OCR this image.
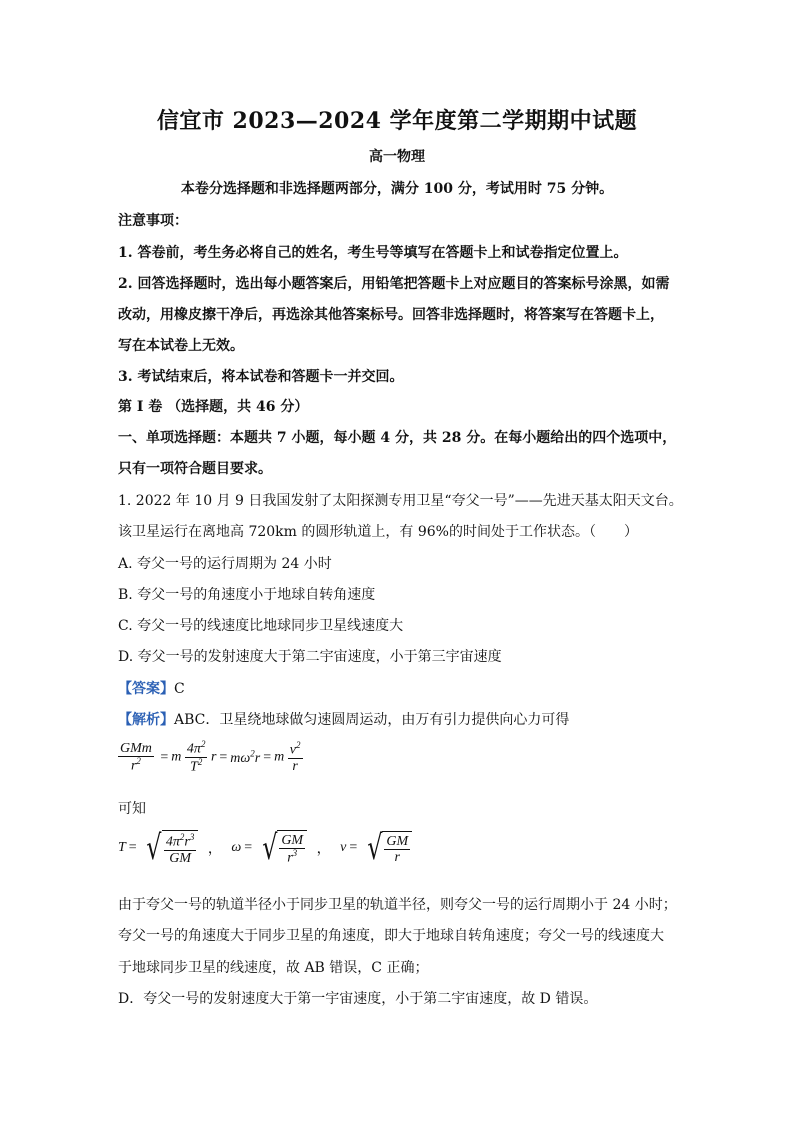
信宜市 2023—2024 学年度第二学期期中试题
高一物理
本卷分选择题和非选择题两部分，满分 100 分，考试用时 75 分钟。
注意事项：
1. 答卷前，考生务必将自己的姓名，考生号等填写在答题卡上和试卷指定位置上。
2. 回答选择题时，选出每小题答案后，用铅笔把答题卡上对应题目的答案标号涂黑，如需
改动，用橡皮擦干净后，再选涂其他答案标号。回答非选择题时，将答案写在答题卡上，
写在本试卷上无效。
3. 考试结束后，将本试卷和答题卡一并交回。
第 I 卷 （选择题，共 46 分）
一、单项选择题：本题共 7 小题，每小题 4 分，共 28 分。在每小题给出的四个选项中，
只有一项符合题目要求。
1. 2022 年 10 月 9 日我国发射了太阳探测专用卫星“夸父一号”——先进天基太阳天文台。
该卫星运行在离地高 720km 的圆形轨道上，有 96%的时间处于工作状态。（　　）
A. 夸父一号的运行周期为 24 小时
B. 夸父一号的角速度小于地球自转角速度
C. 夸父一号的线速度比地球同步卫星线速度大
D. 夸父一号的发射速度大于第二宇宙速度，小于第三宇宙速度
【答案】C
【解析】ABC．卫星绕地球做匀速圆周运动，由万有引力提供向心力可得
$\frac{\text{GMm}}{r^2} = m \frac{4\pi^2}{T^2}$ $r = m\omega^2r = m \frac{v^2}{r}$
可知
T = √ $\frac{4\pi^2r^3}{GM}$ ， ω = √ $\frac{GM}{r^3}$ ， v = √ $\frac{GM}{r}$
由于夸父一号的轨道半径小于同步卫星的轨道半径，则夸父一号的运行周期小于 24 小时；
夸父一号的角速度大于同步卫星的角速度，即大于地球自转角速度；夸父一号的线速度大
于地球同步卫星的线速度，故 AB 错误，C 正确；
D．夸父一号的发射速度大于第一宇宙速度，小于第二宇宙速度，故 D 错误。
